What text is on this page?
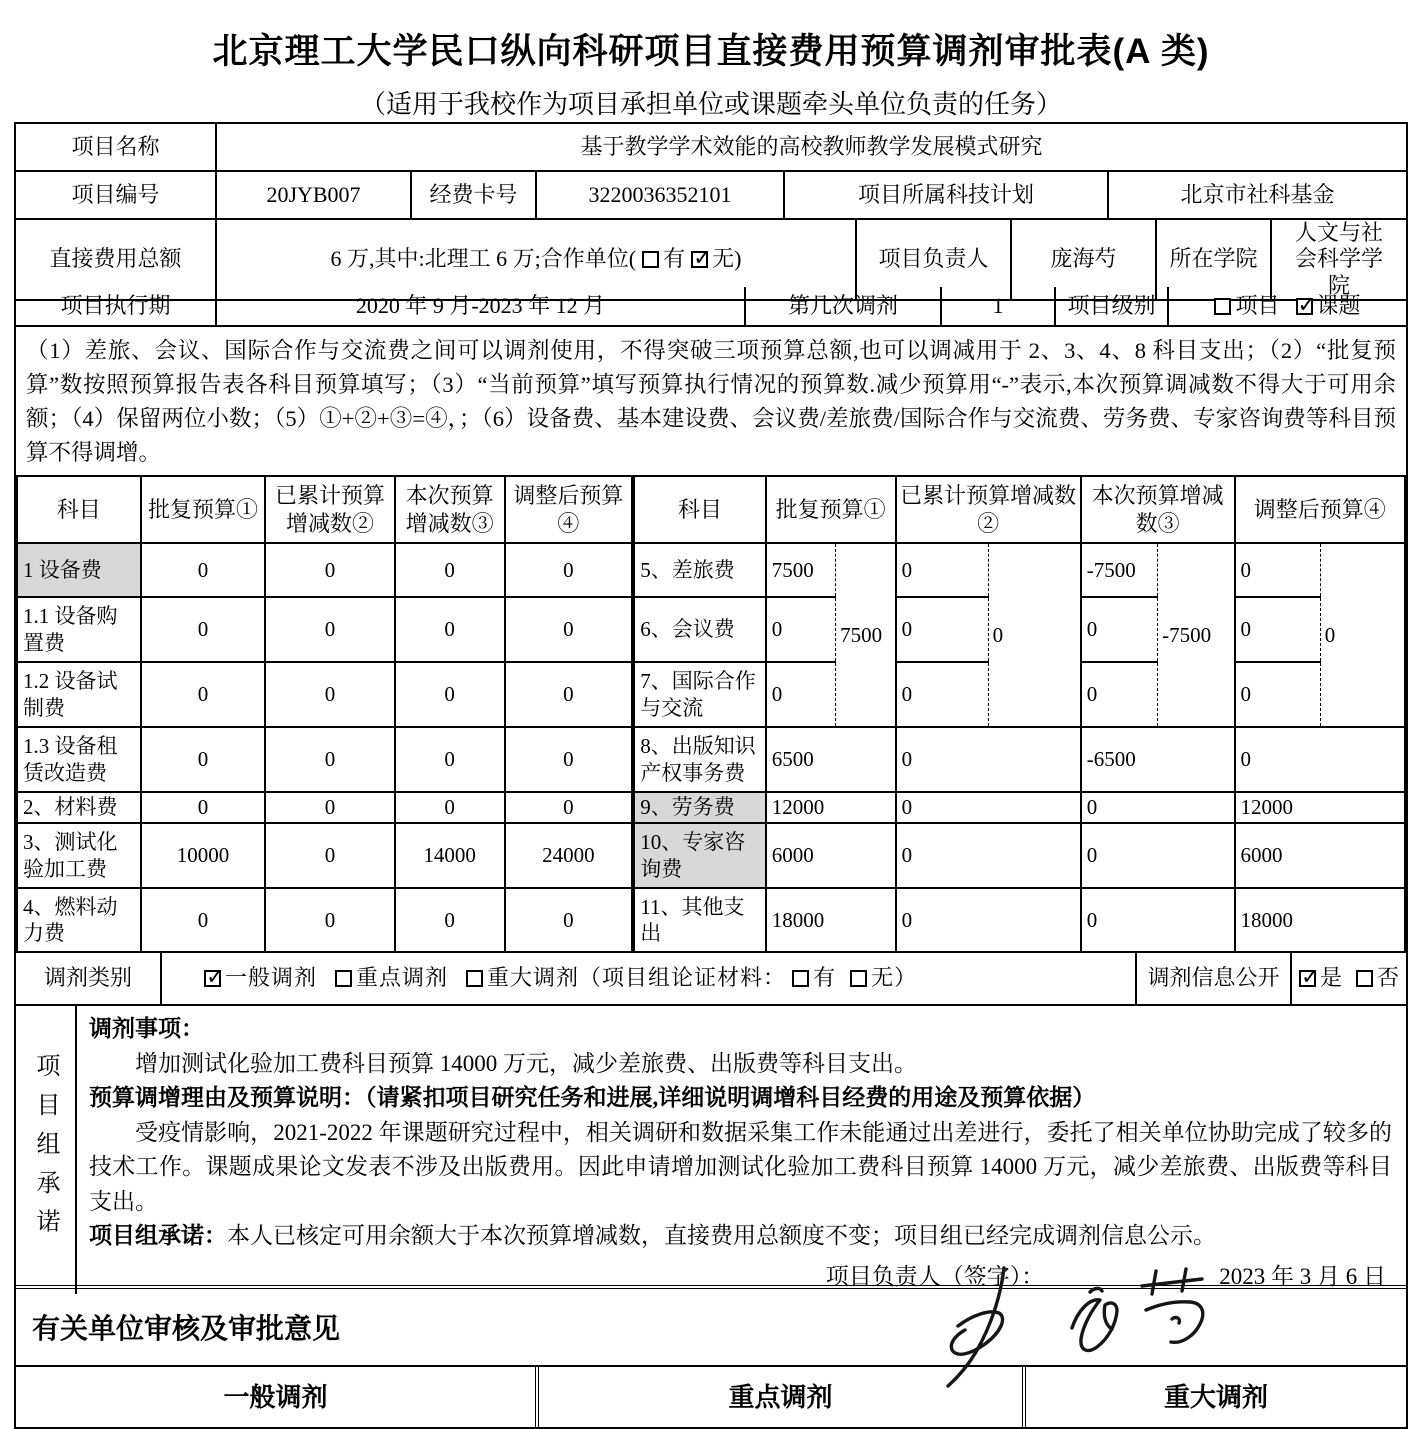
北京理工大学民口纵向科研项目直接费用预算调剂审批表(A 类)
（适用于我校作为项目承担单位或课题牵头单位负责的任务）
项目名称	基于教学学术效能的高校教师教学发展模式研究
项目编号	20JYB007	经费卡号	3220036352101	项目所属科技计划	北京市社科基金
直接费用总额	6 万,其中:北理工 6 万;合作单位( 有 ✓ 无 )	项目负责人	庞海芍	所在学院
人文与社会科学学院
项目执行期	2020 年 9 月-2023 年 12 月	第几次调剂	1	项目级别	项目 ✓ 课题
（1）差旅、会议、国际合作与交流费之间可以调剂使用，不得突破三项预算总额,也可以调减用于 2、3、4、8 科目支出；（2）“批复预算”数按照预算报告表各科目预算填写；（3）“当前预算”填写预算执行情况的预算数.减少预算用“-”表示,本次预算调减数不得大于可用余额；（4）保留两位小数；（5）①+②+③=④，；（6）设备费、基本建设费、会议费/差旅费/国际合作与交流费、劳务费、专家咨询费等科目预算不得调增。
科目	批复预算①	已累计预算增减数②	本次预算增减数③	调整后预算④
1 设备费	0	0	0	0
1.1 设备购置费	0	0	0	0
1.2 设备试制费	0	0	0	0
1.3 设备租赁改造费	0	0	0	0
2、材料费	0	0	0	0
3、测试化验加工费	10000	0	14000	24000
4、燃料动力费	0	0	0	0
科目	批复预算①		已累计预算增减数②		本次预算增减数③		调整后预算④	
5、差旅费	7500	7500	0	0	-7500	-7500	0	0
6、会议费	0		0		0		0	
7、国际合作与交流	0		0		0		0	
8、出版知识产权事务费	6500		0		-6500		0	
9、劳务费	12000		0		0		12000	
10、专家咨询费	6000		0		0		6000	
11、其他支出	18000		0		0		18000	
调剂类别 ✓	一般调剂 重点调剂 重大调剂 （项目组论证材料： 有 无 ）	调剂信息公开
✓	是 否
项目组承诺
调剂事项：
增加测试化验加工费科目预算 14000 万元，减少差旅费、出版费等科目支出。
预算调增理由及预算说明：（请紧扣项目研究任务和进展,详细说明调增科目经费的用途及预算依据）
受疫情影响，2021-2022 年课题研究过程中，相关调研和数据采集工作未能通过出差进行，委托了相关单位协助完成了较多的技术工作。课题成果论文发表不涉及出版费用。因此申请增加测试化验加工费科目预算 14000 万元，减少差旅费、出版费等科目支出。
项目组承诺：本人已核定可用余额大于本次预算增减数，直接费用总额度不变；项目组已经完成调剂信息公示。
项目负责人（签字）：	2023 年 3 月 6 日
有关单位审核及审批意见
一般调剂	重点调剂	重大调剂
